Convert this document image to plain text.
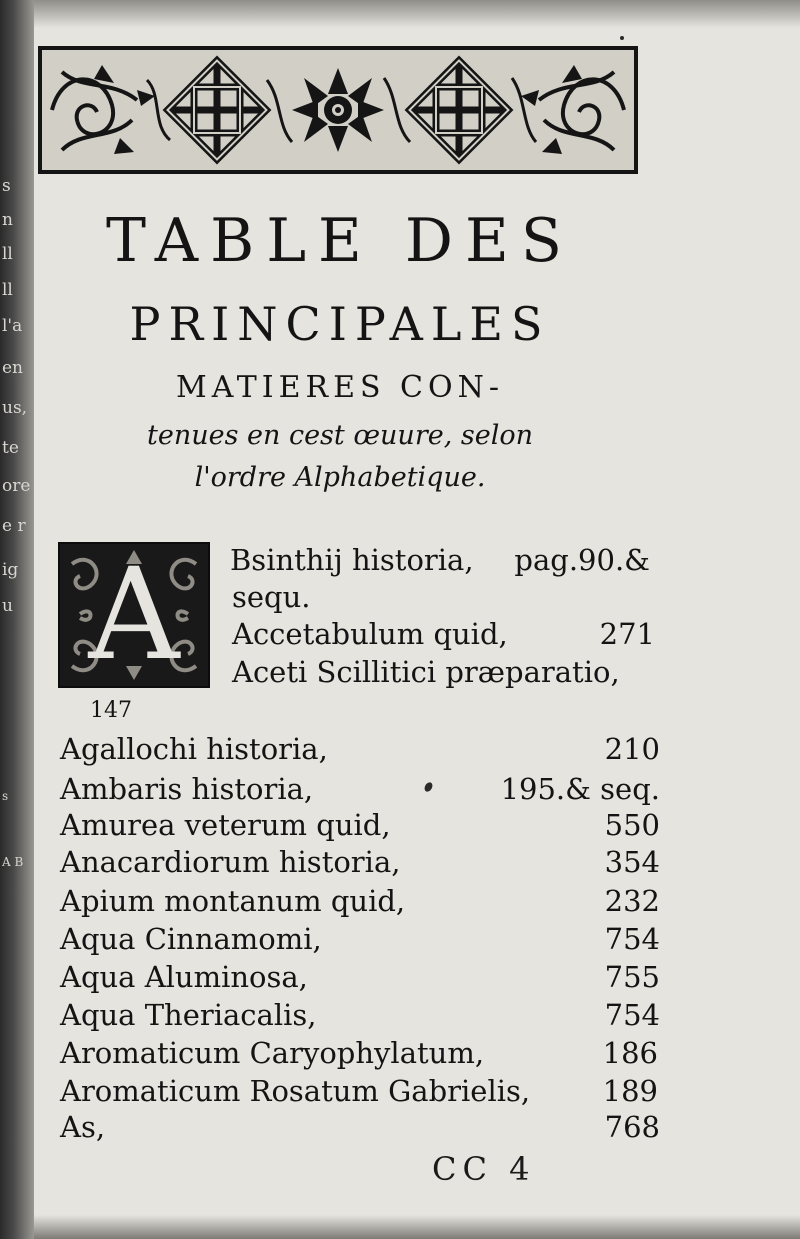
s
n
ll
ll
l'a
en
us,
te
ore
e r
ig
u
s
A B
TABLE DES
PRINCIPALES
MATIERES CON-
tenues en cest œuure, selon
l'ordre Alphabetique.
A	Bsinthij historia, pag.90.&
sequ.
Accetabulum quid,	271
Aceti Scillitici præparatio,
147
Agallochi historia,	210
Ambaris historia,	195.& seq.
Amurea veterum quid,	550
Anacardiorum historia,	354
Apium montanum quid,	232
Aqua Cinnamomi,	754
Aqua Aluminosa,	755
Aqua Theriacalis,	754
Aromaticum Caryophylatum,	186
Aromaticum Rosatum Gabrielis,	189
As,	768
CC 4
